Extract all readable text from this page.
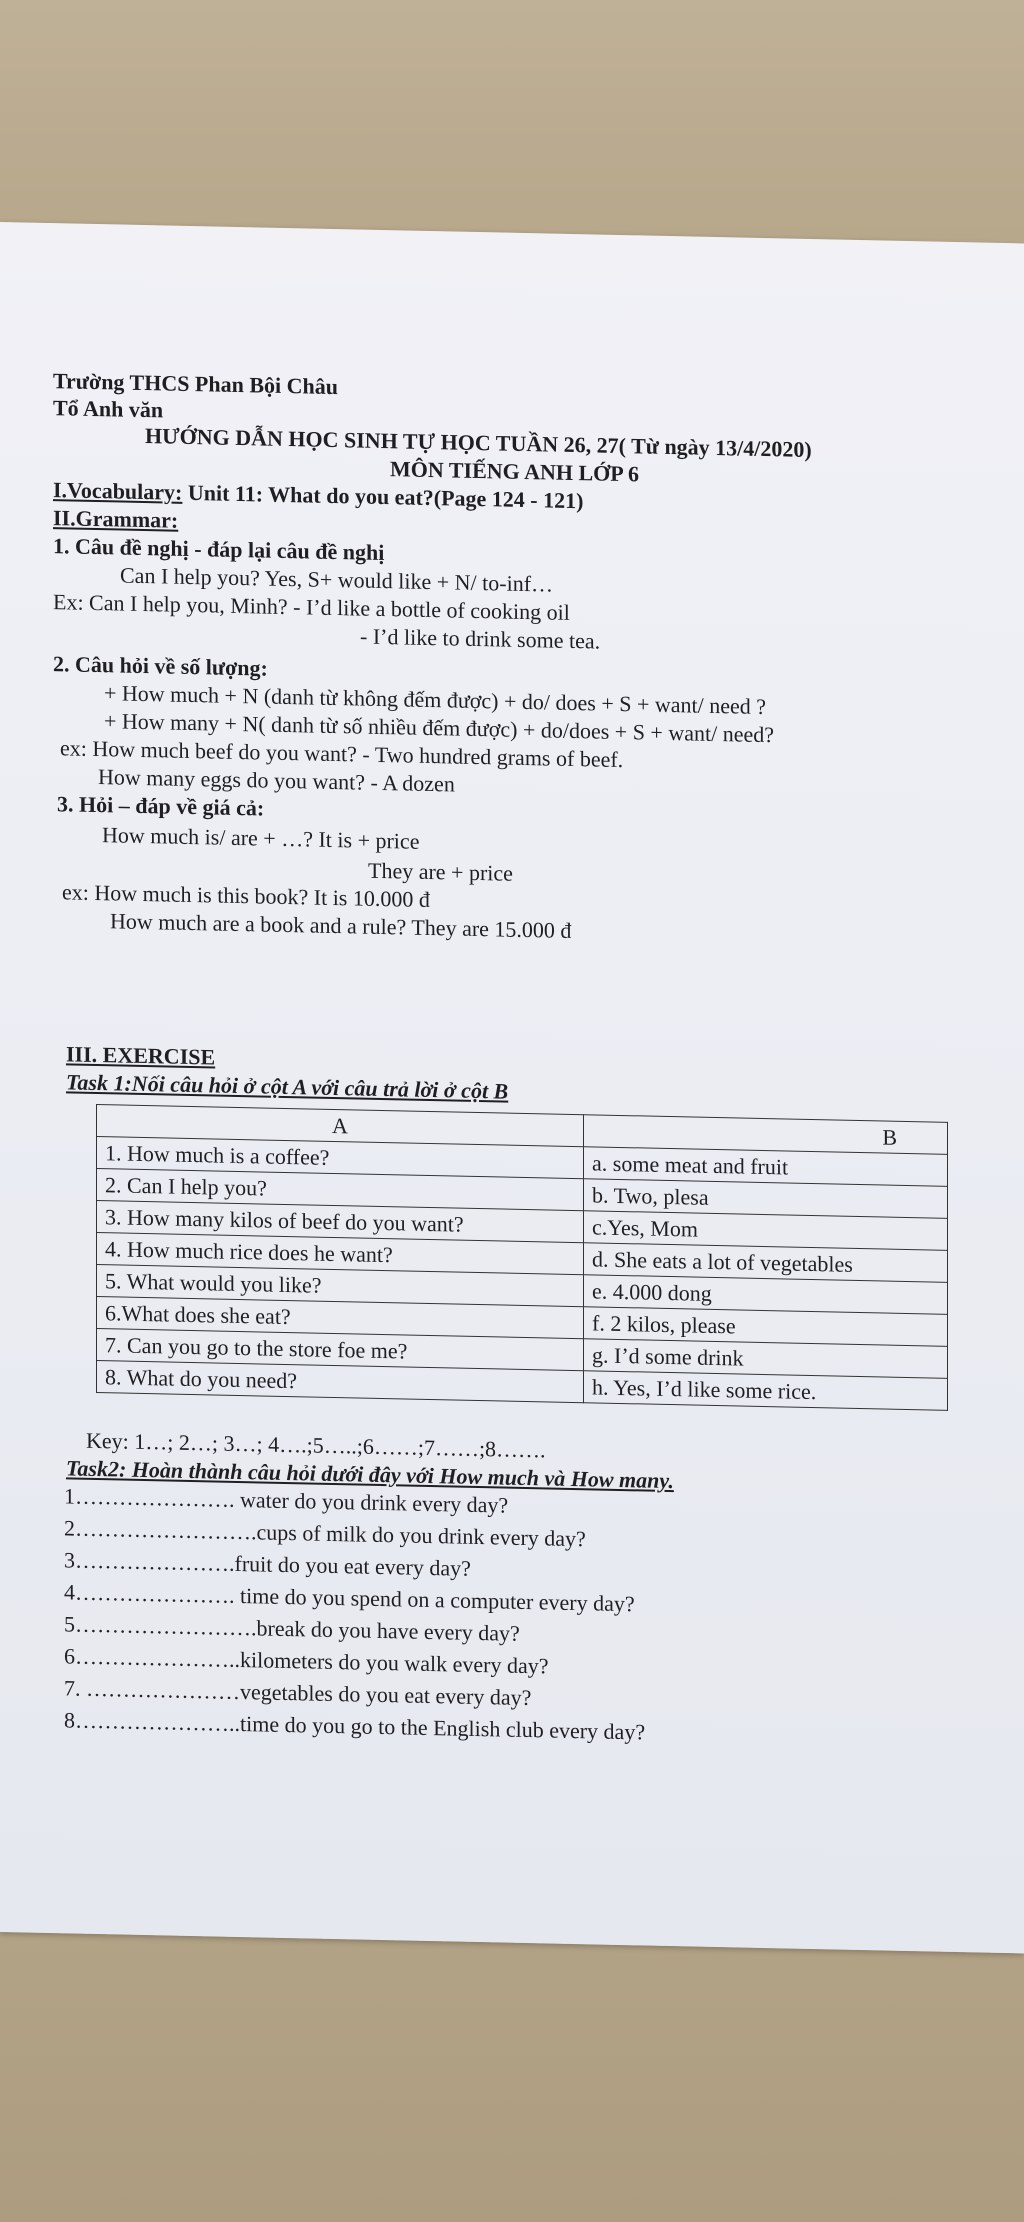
Trường THCS Phan Bội Châu
Tổ Anh văn
HƯỚNG DẪN HỌC SINH TỰ HỌC TUẦN 26, 27( Từ ngày 13/4/2020)
MÔN TIẾNG ANH LỚP 6
I.Vocabulary: Unit 11: What do you eat?(Page 124 - 121)
II.Grammar:
1. Câu đề nghị - đáp lại câu đề nghị
Can I help you? Yes, S+ would like + N/ to-inf…
Ex: Can I help you, Minh? - I’d like a bottle of cooking oil
- I’d like to drink some tea.
2. Câu hỏi về số lượng:
+ How much + N (danh từ không đếm được) + do/ does + S + want/ need ?
+ How many + N( danh từ số nhiều đếm được) + do/does + S + want/ need?
ex: How much beef do you want? - Two hundred grams of beef.
How many eggs do you want? - A dozen
3. Hỏi – đáp về giá cả:
How much is/ are + …? It is + price
They are + price
ex: How much is this book? It is 10.000 đ
How much are a book and a rule? They are 15.000 đ
III. EXERCISE
Task 1:Nối câu hỏi ở cột A với câu trả lời ở cột B
A	B
1. How much is a coffee?	a. some meat and fruit
2. Can I help you?	b. Two, plesa
3. How many kilos of beef do you want?	c.Yes, Mom
4. How much rice does he want?	d. She eats a lot of vegetables
5. What would you like?	e. 4.000 dong
6.What does she eat?	f. 2 kilos, please
7. Can you go to the store foe me?	g. I’d some drink
8. What do you need?	h. Yes, I’d like some rice.
Key: 1…; 2…; 3…; 4….;5…..;6……;7……;8…….
Task2: Hoàn thành câu hỏi dưới đây với How much và How many.
1…………………. water do you drink every day?
2…………………….cups of milk do you drink every day?
3………………….fruit do you eat every day?
4…………………. time do you spend on a computer every day?
5…………………….break do you have every day?
6…………………..kilometers do you walk every day?
7. …………………vegetables do you eat every day?
8…………………..time do you go to the English club every day?
